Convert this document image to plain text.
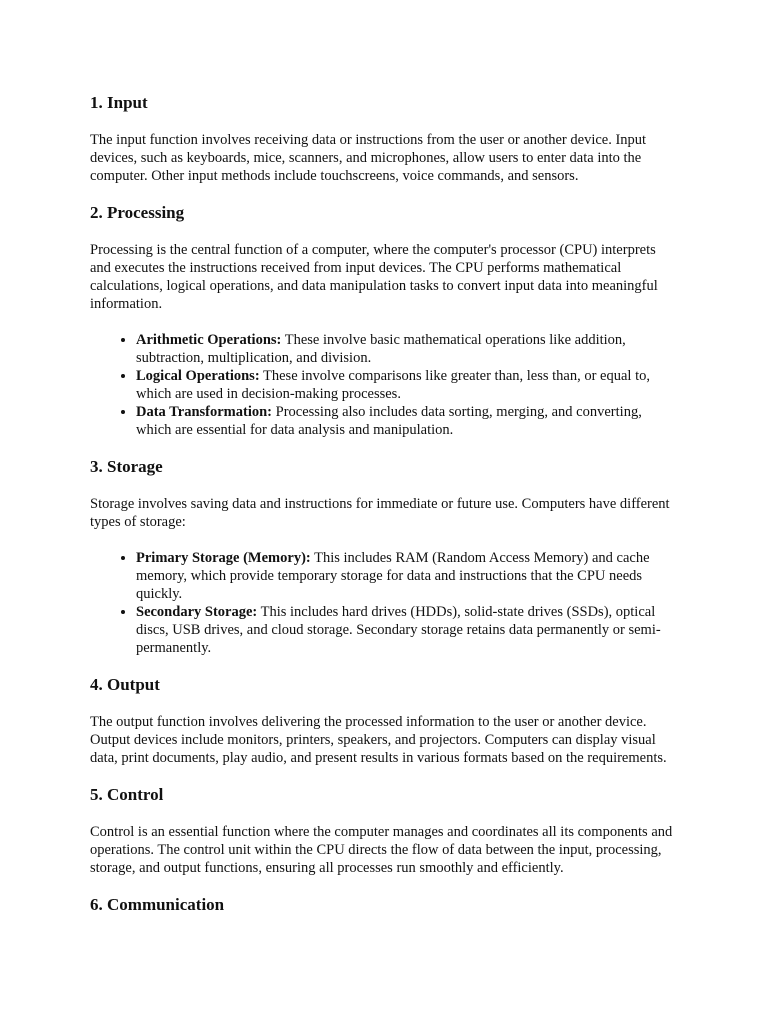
1. Input

The input function involves receiving data or instructions from the user or another device. Input devices, such as keyboards, mice, scanners, and microphones, allow users to enter data into the computer. Other input methods include touchscreens, voice commands, and sensors.

2. Processing

Processing is the central function of a computer, where the computer's processor (CPU) interprets and executes the instructions received from input devices. The CPU performs mathematical calculations, logical operations, and data manipulation tasks to convert input data into meaningful information.

• Arithmetic Operations: These involve basic mathematical operations like addition, subtraction, multiplication, and division.
• Logical Operations: These involve comparisons like greater than, less than, or equal to, which are used in decision-making processes.
• Data Transformation: Processing also includes data sorting, merging, and converting, which are essential for data analysis and manipulation.
3. Storage

Storage involves saving data and instructions for immediate or future use. Computers have different types of storage:

• Primary Storage (Memory): This includes RAM (Random Access Memory) and cache memory, which provide temporary storage for data and instructions that the CPU needs quickly.
• Secondary Storage: This includes hard drives (HDDs), solid-state drives (SSDs), optical discs, USB drives, and cloud storage. Secondary storage retains data permanently or semi-permanently.
4. Output

The output function involves delivering the processed information to the user or another device. Output devices include monitors, printers, speakers, and projectors. Computers can display visual data, print documents, play audio, and present results in various formats based on the requirements.

5. Control

Control is an essential function where the computer manages and coordinates all its components and operations. The control unit within the CPU directs the flow of data between the input, processing, storage, and output functions, ensuring all processes run smoothly and efficiently.

6. Communication
